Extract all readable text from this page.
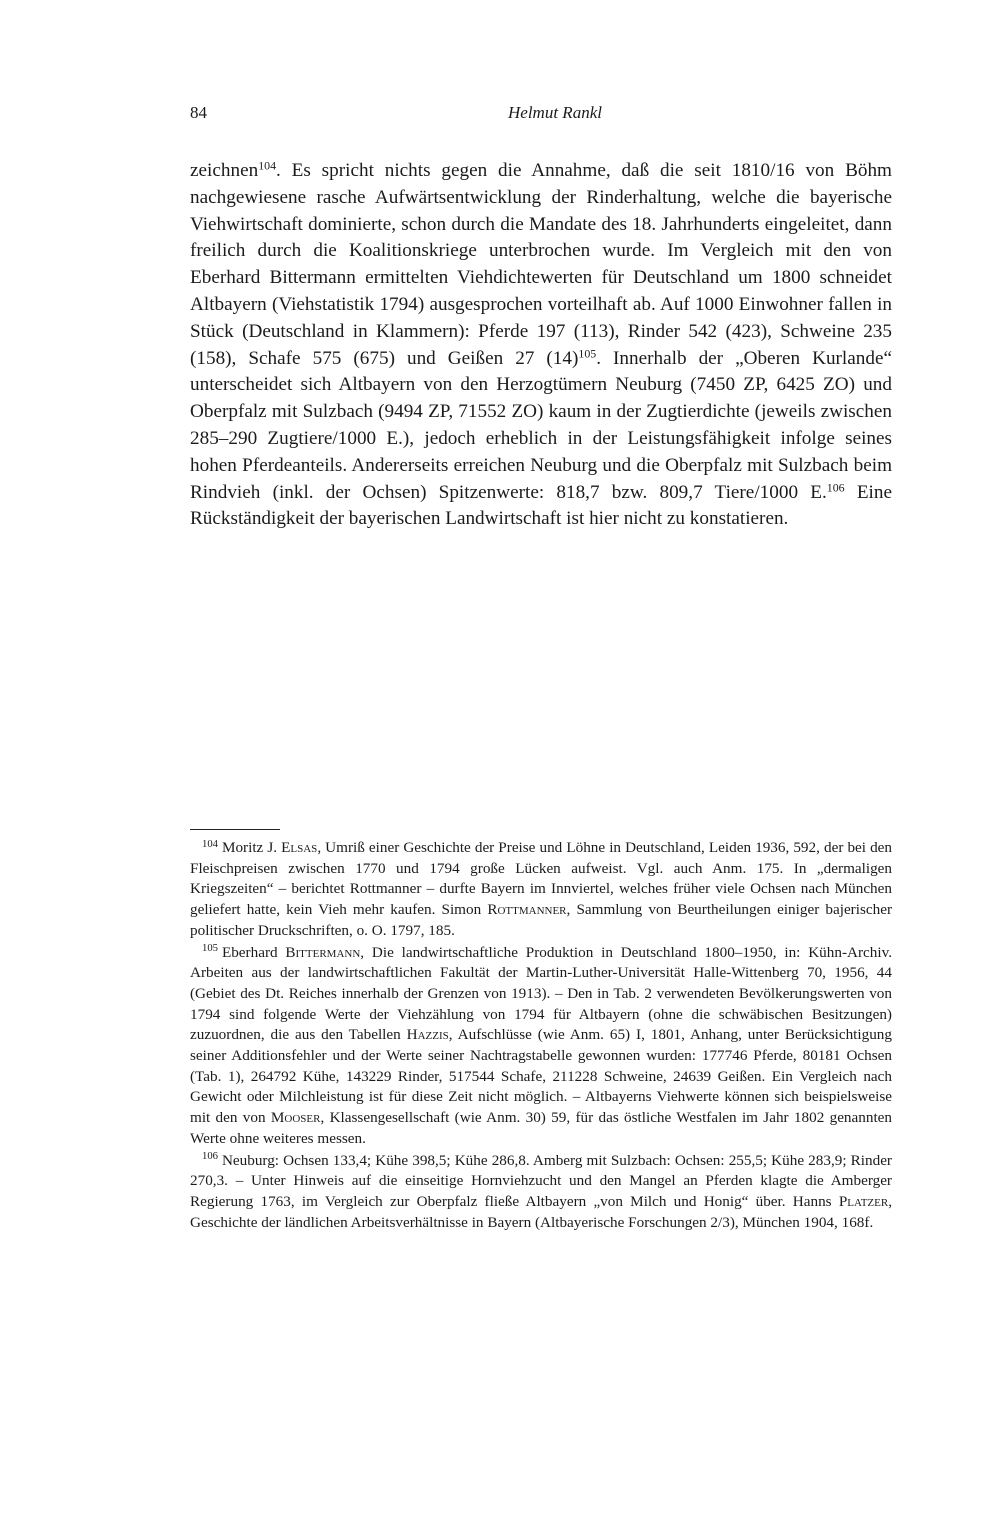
84	Helmut Rankl

zeichnen$^{104}$. Es spricht nichts gegen die Annahme, daß die seit 1810/16 von Böhm nachgewiesene rasche Aufwärtsentwicklung der Rinderhaltung, welche die bayerische Viehwirtschaft dominierte, schon durch die Mandate des 18. Jahrhunderts eingeleitet, dann freilich durch die Koalitionskriege unterbrochen wurde. Im Vergleich mit den von Eberhard Bittermann ermittelten Viehdichtewerten für Deutschland um 1800 schneidet Altbayern (Viehstatistik 1794) ausgesprochen vorteilhaft ab. Auf 1000 Einwohner fallen in Stück (Deutschland in Klammern): Pferde 197 (113), Rinder 542 (423), Schweine 235 (158), Schafe 575 (675) und Geißen 27 $(14)^{105}$. Innerhalb der „Oberen Kurlande“ unterscheidet sich Altbayern von den Herzogtümern Neuburg (7450 ZP, 6425 ZO) und Oberpfalz mit Sulzbach (9494 ZP, 71552 ZO) kaum in der Zugtierdichte (jeweils zwischen 285–290 Zugtiere/1000 E.), jedoch erheblich in der Leistungsfähigkeit infolge seines hohen Pferdeanteils. Andererseits erreichen Neuburg und die Oberpfalz mit Sulzbach beim Rindvieh (inkl. der Ochsen) Spitzenwerte: 818,7 bzw. 809,7 Tiere/1000 E.$^{106}$ Eine Rückständigkeit der bayerischen Landwirtschaft ist hier nicht zu konstatieren.

$^{104}$ Moritz J. Elsas, Umriß einer Geschichte der Preise und Löhne in Deutschland, Leiden 1936, 592, der bei den Fleischpreisen zwischen 1770 und 1794 große Lücken aufweist. Vgl. auch Anm. 175. In „dermaligen Kriegszeiten“ – berichtet Rottmanner – durfte Bayern im Innviertel, welches früher viele Ochsen nach München geliefert hatte, kein Vieh mehr kaufen. Simon Rottmanner, Sammlung von Beurtheilungen einiger bajerischer politischer Druckschriften, o. O. 1797, 185.

$^{105}$ Eberhard Bittermann, Die landwirtschaftliche Produktion in Deutschland 1800–1950, in: Kühn-Archiv. Arbeiten aus der landwirtschaftlichen Fakultät der Martin-Luther-Universität Halle-Wittenberg 70, 1956, 44 (Gebiet des Dt. Reiches innerhalb der Grenzen von 1913). – Den in Tab. 2 verwendeten Bevölkerungswerten von 1794 sind folgende Werte der Viehzählung von 1794 für Altbayern (ohne die schwäbischen Besitzungen) zuzuordnen, die aus den Tabellen Hazzis, Aufschlüsse (wie Anm. 65) I, 1801, Anhang, unter Berücksichtigung seiner Additionsfehler und der Werte seiner Nachtragstabelle gewonnen wurden: 177746 Pferde, 80181 Ochsen (Tab. 1), 264792 Kühe, 143229 Rinder, 517544 Schafe, 211228 Schweine, 24639 Geißen. Ein Vergleich nach Gewicht oder Milchleistung ist für diese Zeit nicht möglich. – Altbayerns Viehwerte können sich beispielsweise mit den von Mooser, Klassengesellschaft (wie Anm. 30) 59, für das östliche Westfalen im Jahr 1802 genannten Werte ohne weiteres messen.

$^{106}$ Neuburg: Ochsen 133,4; Kühe 398,5; Kühe 286,8. Amberg mit Sulzbach: Ochsen: 255,5; Kühe 283,9; Rinder 270,3. – Unter Hinweis auf die einseitige Hornviehzucht und den Mangel an Pferden klagte die Amberger Regierung 1763, im Vergleich zur Oberpfalz fließe Altbayern „von Milch und Honig“ über. Hanns Platzer, Geschichte der ländlichen Arbeitsverhältnisse in Bayern (Altbayerische Forschungen 2/3), München 1904, 168f.
